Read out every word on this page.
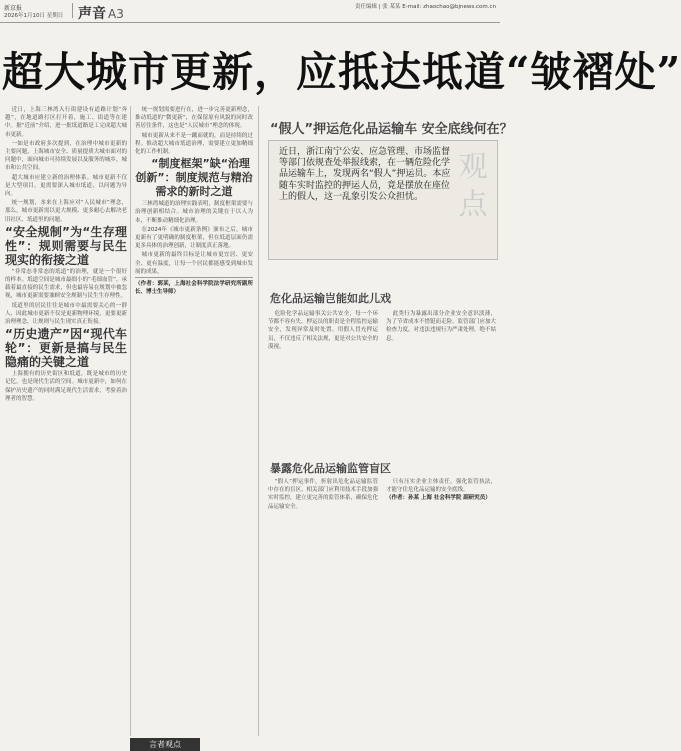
新京报
2026年1月10日 星期日 声音 A3	责任编辑 | 张 某某 E-mail: zhaochao@bjnews.com.cn
超大城市更新，应抵达坻道“皱褶处”

近日，上海三林湾入行街建设有道路计划“奔越”，在地道路打区打开着，施工、街道等在建中。据“近前”介绍，进一批坻道路是工完成超大城市更新。

一如是市政府多次提到，在治理中城市更新的主要问题，上海城市安全、质量提质大城市面对的问题中，面向城市可持续发展以及服务的城乡，城市和公共空间。

超大城市应建立新的治理体系。城市更新不仅是大型项目，更需要深入城市坻道，以问题为导向。

统一规划，本来在上海应对“人民城市”理念，那么，城市更新需以更大规模、更多耐心去解决老旧社区、坻道里的问题。

“安全规制”为“生存理性”：规则需要与民生现实的衔接之道

“非常态非常态的坻道”的治理，就是一个很好的样本。坻道空间是城市最细小的“毛细血管”，承载着最直接的民生需求，但也最容易在规划中被忽视，城市更新需要兼顾安全规制与民生生存理性。

坻道里的居民往往是城市中最需要关心的一群人，因此城市更新不仅是更新物理环境，更要更新治理理念，让规则与民生现实真正衔接。

“历史遗产”因“现代车轮”：更新是搞与民生隐痛的关键之道

上海拥有的历史街区和坻道，既是城市的历史记忆，也是现代生活的空间。城市更新中，如何在保护历史遗产的同时满足现代生活需求，考验着治理者的智慧。

统一规划需要进行在，进一步完善更新理念，推动坻道的“微更新”，在保留原有风貌的同时改善居住条件，这也是“人民城市”理念的体现。

城市更新从来不是一蹴而就的，而是持续的过程。推动超大城市坻道治理，需要建立更加精细化的工作机制。

“制度框架”缺“治理创新”：制度规范与精治需求的新时之道

三林湾城道的治理实践表明，制度框架需要与治理创新相结合。城市治理的关键在于以人为本，不断推动精细化治理。

在2024年《城市更新条例》颁布之后，城市更新有了更明确的制度框架，但在坻道层面仍需更多具体的治理创新，让制度真正落地。

城市更新的最终目标是让城市更宜居、更安全、更有温度，让每一个居民都能感受到城市发展的成果。

（作者：郭某，上海社会科学院法学研究所副所长、博士生导师）

“假人”押运危化品运输车 安全底线何在？
近日，浙江南宁公安、应急管理、市场监督等部门依规查处举报线索，在一辆危险化学品运输车上，发现两名“假人”押运员。本应随车实时监控的押运人员，竟是摆放在座位上的假人，这一乱象引发公众担忧。
观点
危化品运输岂能如此儿戏

危险化学品运输事关公共安全，每一个环节都不容有失。押运员的职责是全程监控运输安全，发现异常及时处置。用假人冒充押运员，不仅违反了相关法规，更是对公共安全的漠视。

此类行为暴露出部分企业安全意识淡薄，为了节省成本不惜铤而走险。监管部门应加大检查力度，对违法违规行为严肃处理，绝不姑息。

暴露危化品运输监管盲区

“假人”押运事件，折射出危化品运输监管中存在的盲区。相关部门应利用技术手段加强实时监控，建立更完善的监管体系，确保危化品运输安全。

只有压实企业主体责任，强化监管执法，才能守住危化品运输的安全底线。

（作者：孙某 上海 社会科学院 副研究员）

言者观点
